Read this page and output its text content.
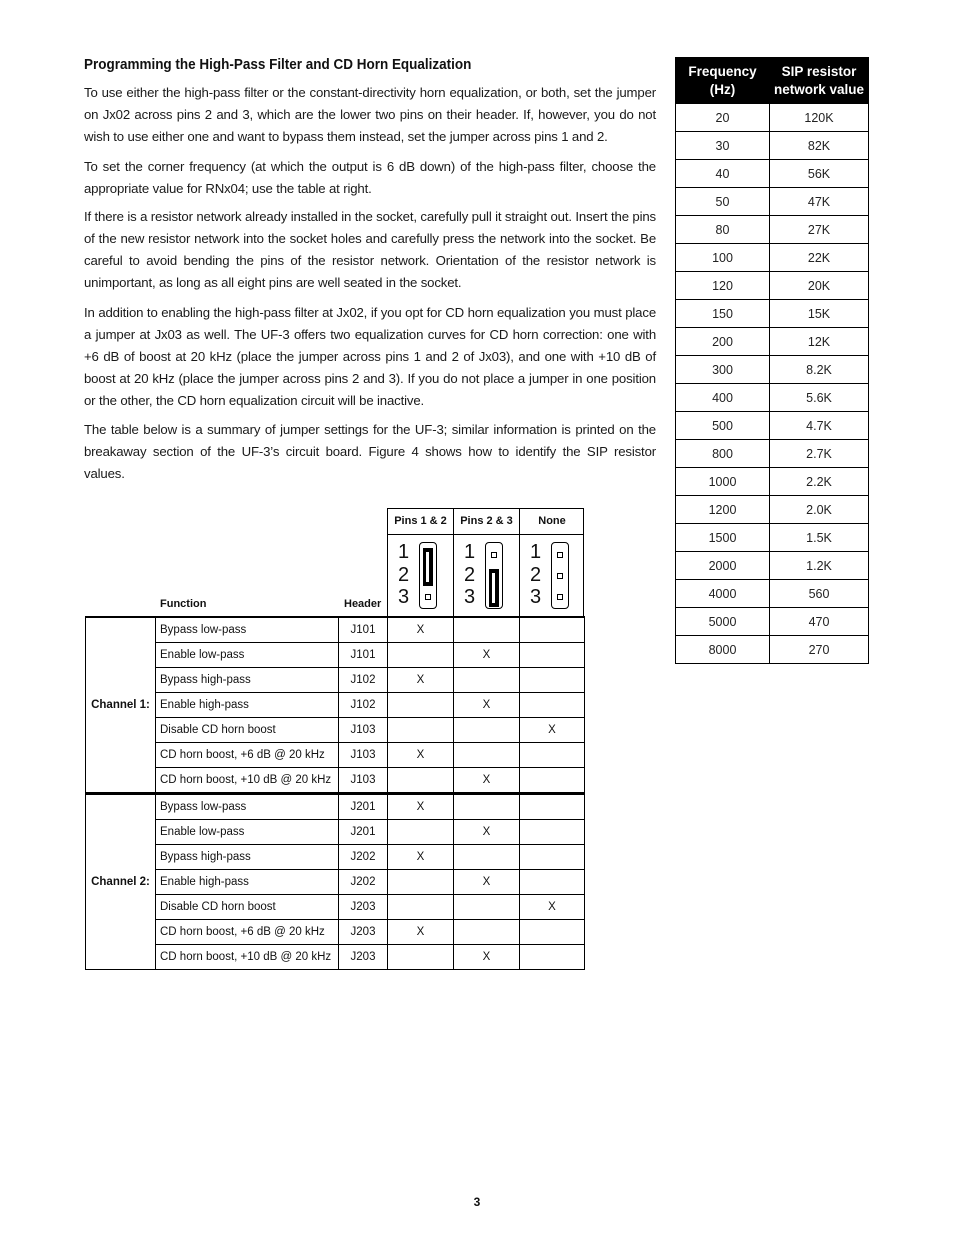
Programming the High-Pass Filter and CD Horn Equalization

To use either the high-pass filter or the constant-directivity horn equalization, or both, set the jumper on Jx02 across pins 2 and 3, which are the lower two pins on their header. If, however, you do not wish to use either one and want to bypass them instead, set the jumper across pins 1 and 2.

To set the corner frequency (at which the output is 6 dB down) of the high-pass filter, choose the appropriate value for RNx04; use the table at right.

If there is a resistor network already installed in the socket, carefully pull it straight out. Insert the pins of the new resistor network into the socket holes and carefully press the network into the socket. Be careful to avoid bending the pins of the resistor network. Orientation of the resistor network is unimportant, as long as all eight pins are well seated in the socket.

In addition to enabling the high-pass filter at Jx02, if you opt for CD horn equalization you must place a jumper at Jx03 as well. The UF-3 offers two equalization curves for CD horn correction: one with +6 dB of boost at 20 kHz (place the jumper across pins 1 and 2 of Jx03), and one with +10 dB of boost at 20 kHz (place the jumper across pins 2 and 3). If you do not place a jumper in one position or the other, the CD horn equalization circuit will be inactive.

The table below is a summary of jumper settings for the UF-3; similar information is printed on the breakaway section of the UF-3’s circuit board. Figure 4 shows how to identify the SIP resistor values.

Frequency (Hz)	SIP resistor network value
20	120K
30	82K
40	56K
50	47K
80	27K
100	22K
120	20K
150	15K
200	12K
300	8.2K
400	5.6K
500	4.7K
800	2.7K
1000	2.2K
1200	2.0K
1500	1.5K
2000	1.2K
4000	560
5000	470
8000	270
Pins 1 & 2
1
2
3
Pins 2 & 3
1
2
3
None
1
2
3
Function	Header
Channel 1:	Bypass low-pass	J101	X		
	Enable low-pass	J101		X	
	Bypass high-pass	J102	X		
	Enable high-pass	J102		X	
	Disable CD horn boost	J103			X
	CD horn boost, +6 dB @ 20 kHz	J103	X		
	CD horn boost, +10 dB @ 20 kHz	J103		X	
Channel 2:	Bypass low-pass	J201	X		
	Enable low-pass	J201		X	
	Bypass high-pass	J202	X		
	Enable high-pass	J202		X	
	Disable CD horn boost	J203			X
	CD horn boost, +6 dB @ 20 kHz	J203	X		
	CD horn boost, +10 dB @ 20 kHz	J203		X	
3
